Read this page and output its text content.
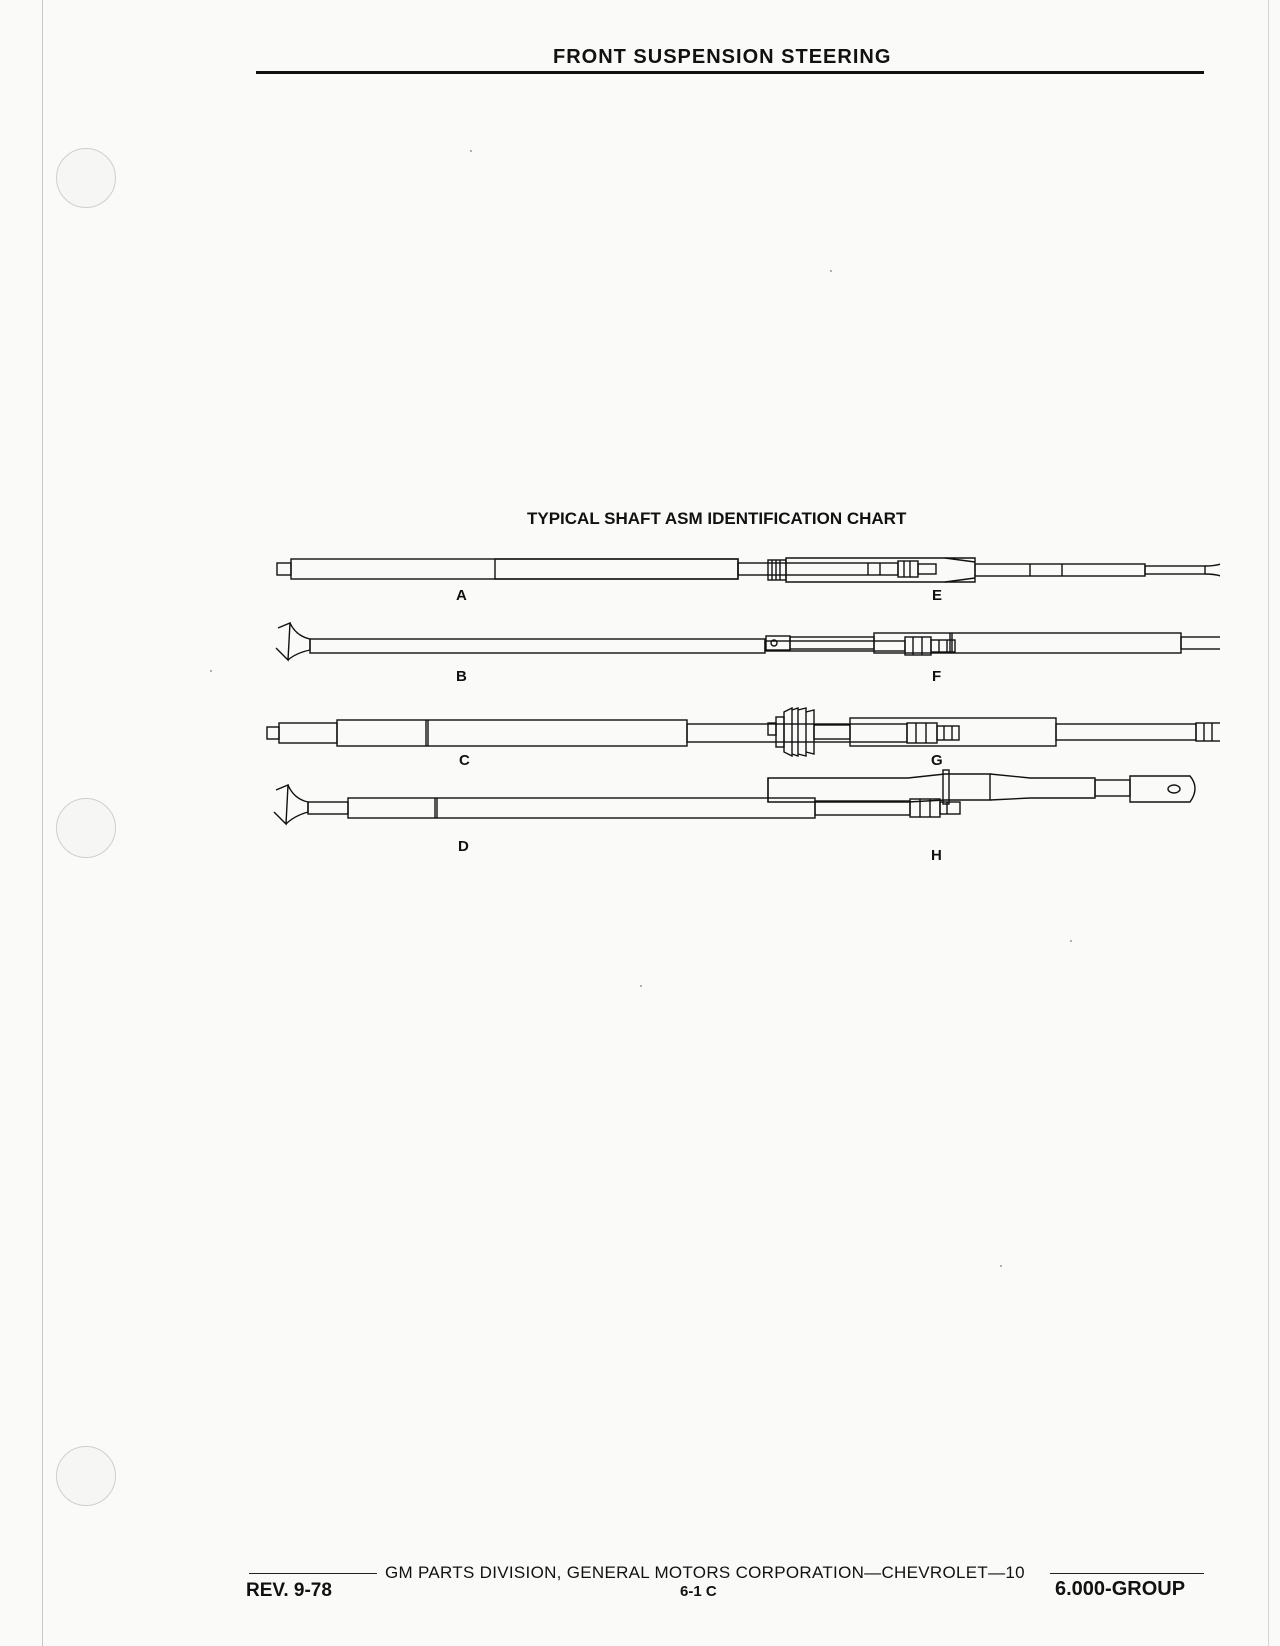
FRONT SUSPENSION STEERING
TYPICAL SHAFT ASM IDENTIFICATION CHART
A
B
C
D
E
F
G
H
GM PARTS DIVISION, GENERAL MOTORS CORPORATION—CHEVROLET—10
REV. 9-78	6-1 C	6.000-GROUP
